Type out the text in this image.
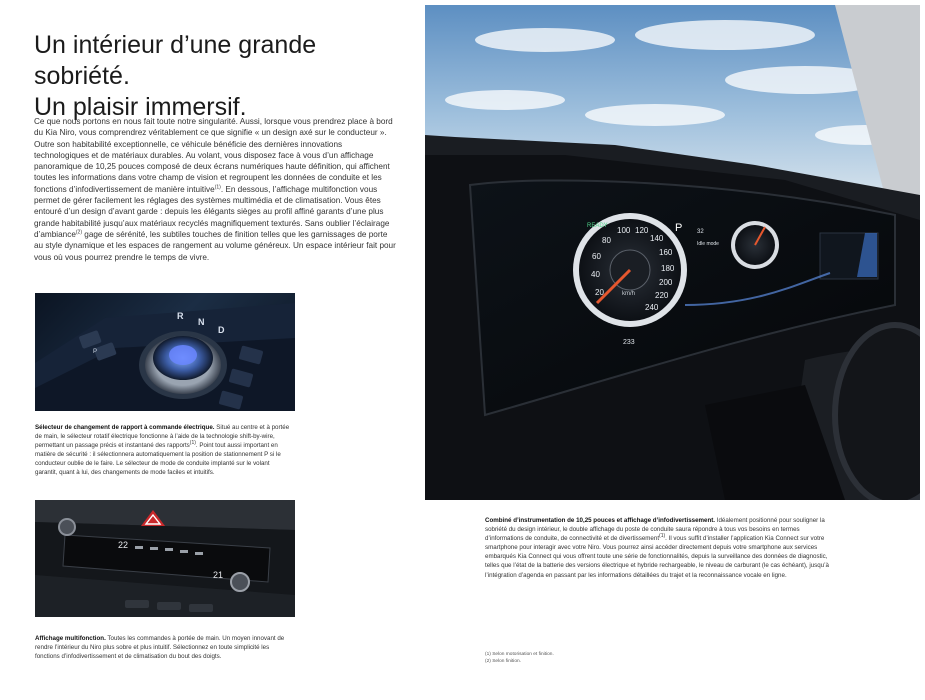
Un intérieur d’une grande sobriété.
Un plaisir immersif.

Ce que nous portons en nous fait toute notre singularité. Aussi, lorsque vous prendrez place à bord du Kia Niro, vous comprendrez véritablement ce que signifie « un design axé sur le conducteur ». Outre son habitabilité exceptionnelle, ce véhicule bénéficie des dernières innovations technologiques et de matériaux durables. Au volant, vous disposez face à vous d’un affichage panoramique de 10,25 pouces composé de deux écrans numériques haute définition, qui affichent toutes les informations dans votre champ de vision et regroupent les données de conduite et les fonctions d’infodivertissement de manière intuitive$^{(1)}$. En dessous, l’affichage multifonction vous permet de gérer facilement les réglages des systèmes multimédia et de climatisation. Vous êtes entouré d’un design d’avant garde : depuis les élégants sièges au profil affiné garants d’une plus grande habitabilité jusqu’aux matériaux recyclés magnifiquement texturés. Sans oublier l’éclairage d’ambiance$^{(2)}$ gage de sérénité, les subtiles touches de finition telles que les garnissages de porte au style dynamique et les espaces de rangement au volume généreux. Un espace intérieur fait pour vous où vous pourrez prendre le temps de vivre.

R
N
D
P

Sélecteur de changement de rapport à commande électrique. Situé au centre et à portée de main, le sélecteur rotatif électrique fonctionne à l’aide de la technologie shift-by-wire, permettant un passage précis et instantané des rapports$^{(1)}$. Point tout aussi important en matière de sécurité : il sélectionnera automatiquement la position de stationnement P si le conducteur oublie de le faire. Le sélecteur de mode de conduite implanté sur le volant garantit, quant à lui, des changements de mode faciles et intuitifs.

22
21

Affichage multifonction. Toutes les commandes à portée de main. Un moyen innovant de rendre l’intérieur du Niro plus sobre et plus intuitif. Sélectionnez en toute simplicité les fonctions d’infodivertissement et de climatisation du bout des doigts.

20
40
60
80
100 120
140
160
180
200
220
240
km/h
READY	P 32
Idle mode
233

Combiné d’instrumentation de 10,25 pouces et affichage d’infodivertissement. Idéalement positionné pour souligner la sobriété du design intérieur, le double affichage du poste de conduite saura répondre à tous vos besoins en termes d’informations de conduite, de connectivité et de divertissement$^{(1)}$. Il vous suffit d’installer l’application Kia Connect sur votre smartphone pour interagir avec votre Niro. Vous pourrez ainsi accéder directement depuis votre smartphone aux services embarqués Kia Connect qui vous offrent toute une série de fonctionnalités, depuis la surveillance des données de diagnostic, telles que l’état de la batterie des versions électrique et hybride rechargeable, le niveau de carburant (le cas échéant), jusqu’à l’intégration d’agenda en passant par les informations détaillées du trajet et la reconnaissance vocale en ligne.

(1) Selon motorisation et finition.
(2) Selon finition.
